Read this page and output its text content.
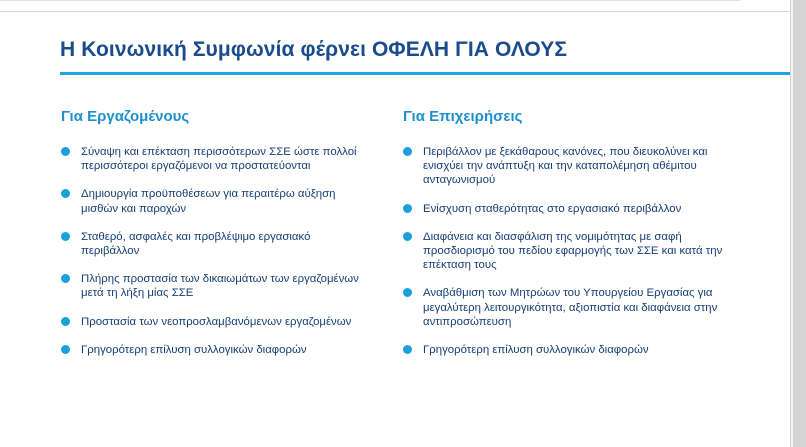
Η Κοινωνική Συμφωνία φέρνει ΟΦΕΛΗ ΓΙΑ ΟΛΟΥΣ
Για Εργαζομένους
Σύναψη και επέκταση περισσότερων ΣΣΕ ώστε πολλοί περισσότεροι εργαζόμενοι να προστατεύονται
Δημιουργία προϋποθέσεων για περαιτέρω αύξηση μισθών και παροχών
Σταθερό, ασφαλές και προβλέψιμο εργασιακό περιβάλλον
Πλήρης προστασία των δικαιωμάτων των εργαζομένων μετά τη λήξη μίας ΣΣΕ
Προστασία των νεοπροσλαμβανόμενων εργαζομένων
Γρηγορότερη επίλυση συλλογικών διαφορών
Για Επιχειρήσεις
Περιβάλλον με ξεκάθαρους κανόνες, που διευκολύνει και ενισχύει την ανάπτυξη και την καταπολέμηση αθέμιτου ανταγωνισμού
Ενίσχυση σταθερότητας στο εργασιακό περιβάλλον
Διαφάνεια και διασφάλιση της νομιμότητας με σαφή προσδιορισμό του πεδίου εφαρμογής των ΣΣΕ και κατά την επέκταση τους
Αναβάθμιση των Μητρώων του Υπουργείου Εργασίας για μεγαλύτερη λειτουργικότητα, αξιοπιστία και διαφάνεια στην αντιπροσώπευση
Γρηγορότερη επίλυση συλλογικών διαφορών
